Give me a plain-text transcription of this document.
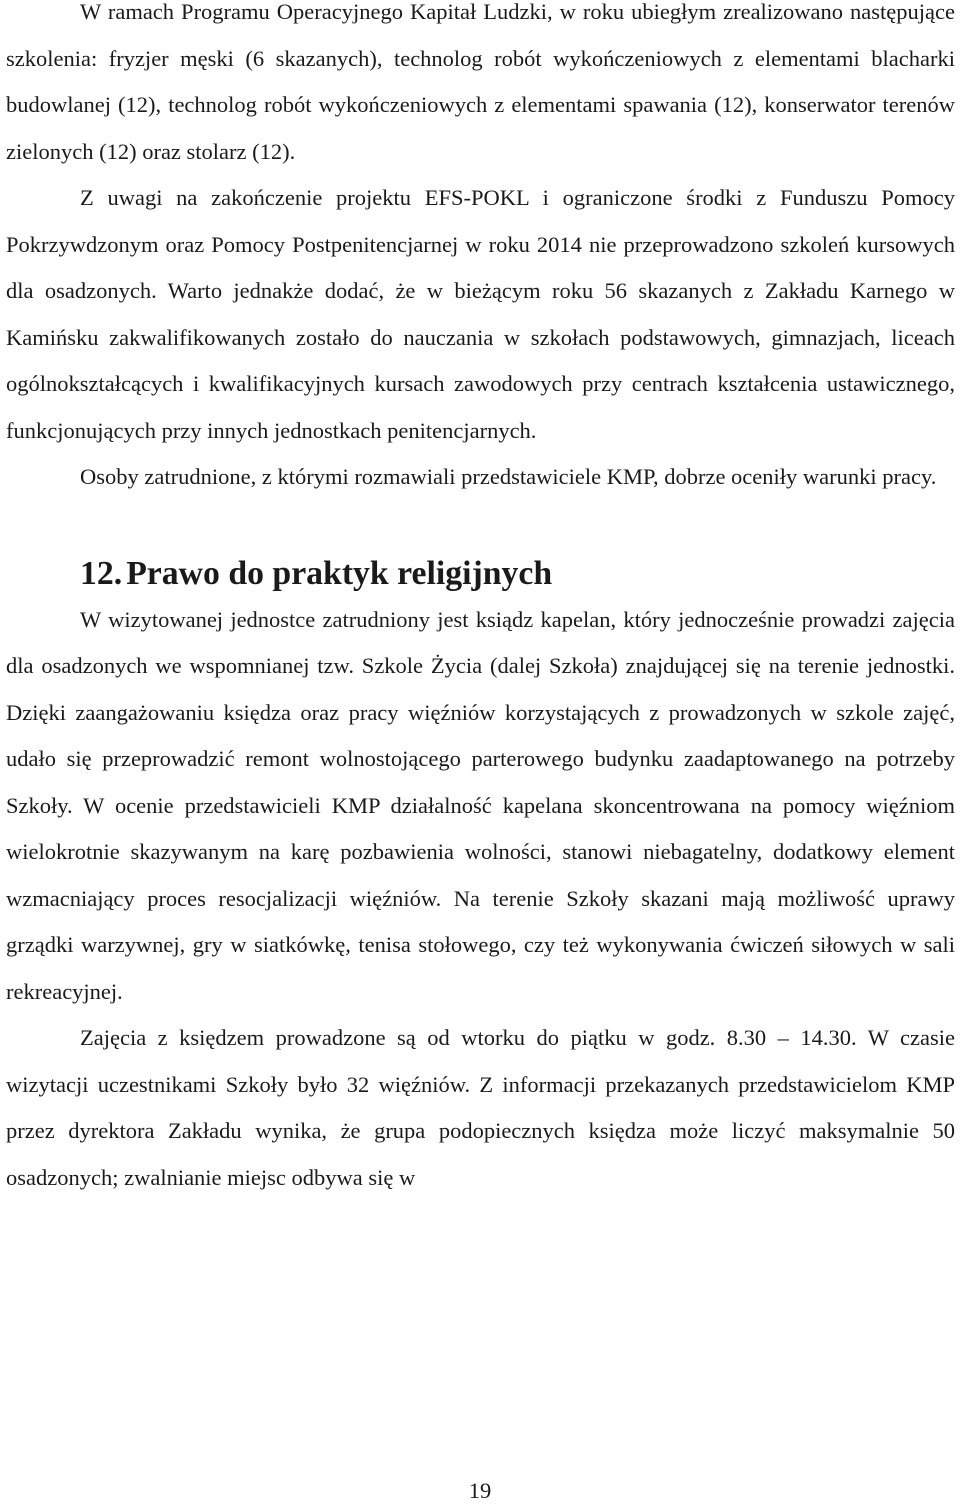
W ramach Programu Operacyjnego Kapitał Ludzki, w roku ubiegłym zrealizowano następujące szkolenia: fryzjer męski (6 skazanych), technolog robót wykończeniowych z elementami blacharki budowlanej (12), technolog robót wykończeniowych z elementami spawania (12), konserwator terenów zielonych (12) oraz stolarz (12).

Z uwagi na zakończenie projektu EFS-POKL i ograniczone środki z Funduszu Pomocy Pokrzywdzonym oraz Pomocy Postpenitencjarnej w roku 2014 nie przeprowadzono szkoleń kursowych dla osadzonych. Warto jednakże dodać, że w bieżącym roku 56 skazanych z Zakładu Karnego w Kamińsku zakwalifikowanych zostało do nauczania w szkołach podstawowych, gimnazjach, liceach ogólnokształcących i kwalifikacyjnych kursach zawodowych przy centrach kształcenia ustawicznego, funkcjonujących przy innych jednostkach penitencjarnych.

Osoby zatrudnione, z którymi rozmawiali przedstawiciele KMP, dobrze oceniły warunki pracy.

12. Prawo do praktyk religijnych

W wizytowanej jednostce zatrudniony jest ksiądz kapelan, który jednocześnie prowadzi zajęcia dla osadzonych we wspomnianej tzw. Szkole Życia (dalej Szkoła) znajdującej się na terenie jednostki. Dzięki zaangażowaniu księdza oraz pracy więźniów korzystających z prowadzonych w szkole zajęć, udało się przeprowadzić remont wolnostojącego parterowego budynku zaadaptowanego na potrzeby Szkoły. W ocenie przedstawicieli KMP działalność kapelana skoncentrowana na pomocy więźniom wielokrotnie skazywanym na karę pozbawienia wolności, stanowi niebagatelny, dodatkowy element wzmacniający proces resocjalizacji więźniów. Na terenie Szkoły skazani mają możliwość uprawy grządki warzywnej, gry w siatkówkę, tenisa stołowego, czy też wykonywania ćwiczeń siłowych w sali rekreacyjnej.

Zajęcia z księdzem prowadzone są od wtorku do piątku w godz. 8.30 – 14.30. W czasie wizytacji uczestnikami Szkoły było 32 więźniów. Z informacji przekazanych przedstawicielom KMP przez dyrektora Zakładu wynika, że grupa podopiecznych księdza może liczyć maksymalnie 50 osadzonych; zwalnianie miejsc odbywa się w

19
